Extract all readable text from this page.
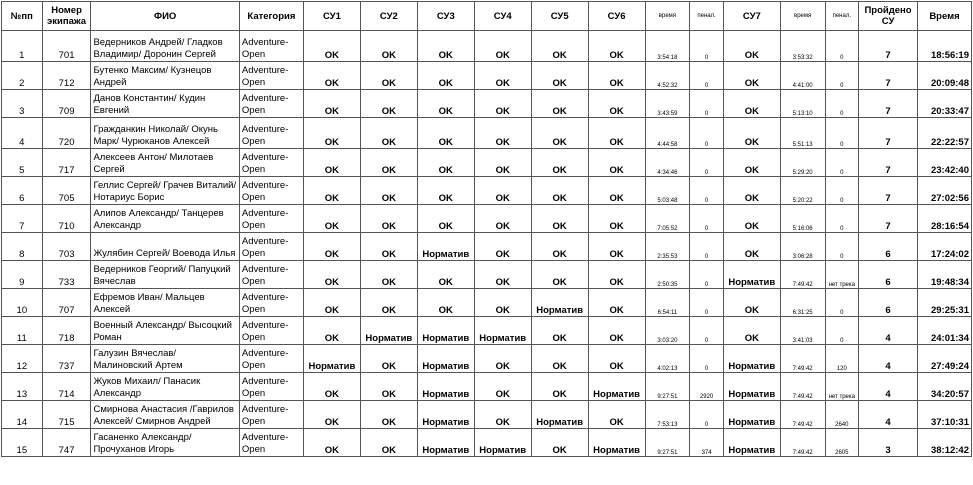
№пп	Номер экипажа	ФИО	Категория	СУ1	СУ2	СУ3	СУ4	СУ5	СУ6	время	пенал.	СУ7	время	пенал.	Пройдено СУ	Время
1	701	Ведерников Андрей/ Гладков Владимир/ Доронин Сергей	Adventure-Open	OK	OK	OK	OK	OK	OK	3:54:18	0	OK	3:53:32	0	7	18:56:19
2	712	Бутенко Максим/ Кузнецов Андрей	Adventure-Open	OK	OK	OK	OK	OK	OK	4:52:32	0	OK	4:41:00	0	7	20:09:48
3	709	Данов Константин/ Кудин Евгений	Adventure-Open	OK	OK	OK	OK	OK	OK	3:43:59	0	OK	5:13:10	0	7	20:33:47
4	720	Гражданкин Николай/ Окунь Марк/ Чурюканов Алексей	Adventure-Open	OK	OK	OK	OK	OK	OK	4:44:58	0	OK	5:51:13	0	7	22:22:57
5	717	Алексеев Антон/ Милотаев Сергей	Adventure-Open	OK	OK	OK	OK	OK	OK	4:34:46	0	OK	5:29:20	0	7	23:42:40
6	705	Геллис Сергей/ Грачев Виталий/ Нотариус Борис	Adventure-Open	OK	OK	OK	OK	OK	OK	5:03:48	0	OK	5:20:22	0	7	27:02:56
7	710	Алипов Александр/ Танцерев Александр	Adventure-Open	OK	OK	OK	OK	OK	OK	7:05:52	0	OK	5:16:06	0	7	28:16:54
8	703	Жулябин Сергей/ Воевода Илья	Adventure-Open	OK	OK	Норматив	OK	OK	OK	2:35:53	0	OK	3:06:28	0	6	17:24:02
9	733	Ведерников Георгий/ Папуцкий Вячеслав	Adventure-Open	OK	OK	OK	OK	OK	OK	2:50:35	0	Норматив	7:49:42	нет трека	6	19:48:34
10	707	Ефремов Иван/ Мальцев Алексей	Adventure-Open	OK	OK	OK	OK	Норматив	OK	6:54:11	0	OK	6:31:25	0	6	29:25:31
11	718	Военный Александр/ Высоцкий Роман	Adventure-Open	OK	Норматив	Норматив	Норматив	OK	OK	3:03:20	0	OK	3:41:03	0	4	24:01:34
12	737	Галузин Вячеслав/ Малиновский Артем	Adventure-Open	Норматив	OK	Норматив	OK	OK	OK	4:02:13	0	Норматив	7:49:42	120	4	27:49:24
13	714	Жуков Михаил/ Панасик Александр	Adventure-Open	OK	OK	Норматив	OK	OK	Норматив	9:27:51	2920	Норматив	7:49:42	нет трека	4	34:20:57
14	715	Смирнова Анастасия /Гаврилов Алексей/ Смирнов Андрей	Adventure-Open	OK	OK	Норматив	OK	Норматив	OK	7:53:13	0	Норматив	7:49:42	2640	4	37:10:31
15	747	Гасаненко Александр/ Прочуханов Игорь	Adventure-Open	OK	OK	Норматив	Норматив	OK	Норматив	9:27:51	374	Норматив	7:49:42	2605	3	38:12:42
